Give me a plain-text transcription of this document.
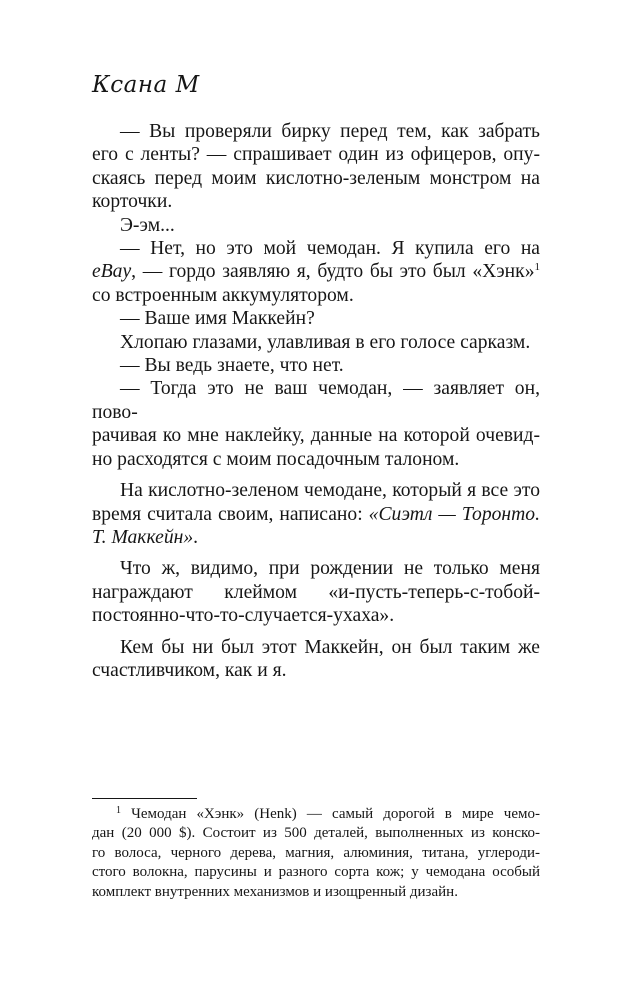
Ксана М

— Вы проверяли бирку перед тем, как забрать
его с ленты? — спрашивает один из офицеров, опу-
скаясь перед моим кислотно-зеленым монстром на
корточки.

Э-эм...

— Нет, но это мой чемодан. Я купила его на
eBay, — гордо заявляю я, будто бы это был «Хэнк»$^1$
со встроенным аккумулятором.

— Ваше имя Маккейн?

Хлопаю глазами, улавливая в его голосе сарказм.

— Вы ведь знаете, что нет.

— Тогда это не ваш чемодан, — заявляет он, пово-
рачивая ко мне наклейку, данные на которой очевид-
но расходятся с моим посадочным талоном.

На кислотно-зеленом чемодане, который я все это
время считала своим, написано: «Сиэтл — Торонто.
Т. Маккейн».

Что ж, видимо, при рождении не только меня
награждают клеймом «и-пусть-теперь-с-тобой-
постоянно-что-то-случается-ухаха».

Кем бы ни был этот Маккейн, он был таким же
счастливчиком, как и я.

$^1$ Чемодан «Хэнк» (Henk) — самый дорогой в мире чемо-
дан (20 000 $). Состоит из 500 деталей, выполненных из конско-
го волоса, черного дерева, магния, алюминия, титана, углероди-
стого волокна, парусины и разного сорта кож; у чемодана особый
комплект внутренних механизмов и изощренный дизайн.
